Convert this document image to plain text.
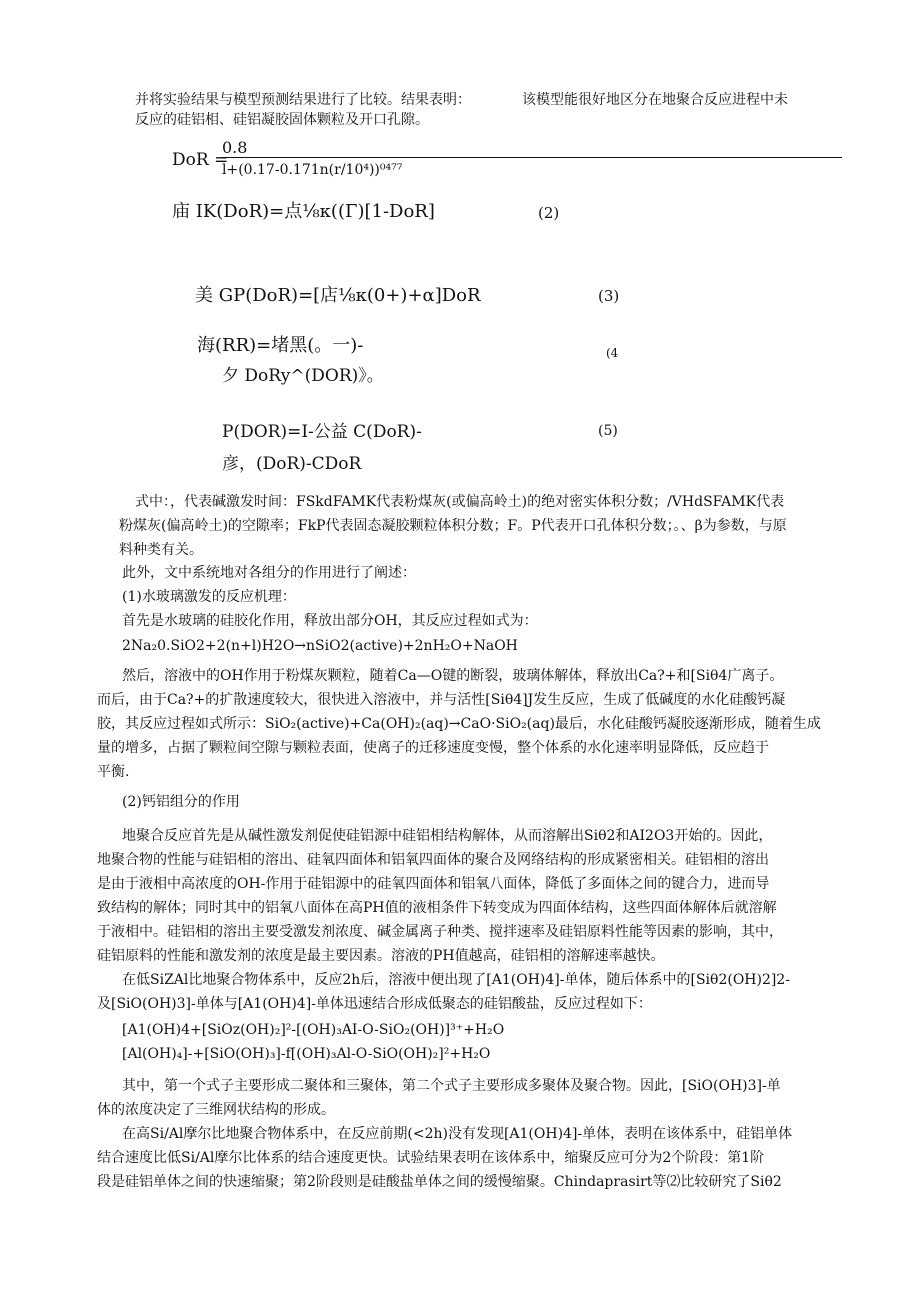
并将实验结果与模型预测结果进行了比较。结果表明：	该模型能很好地区分在地聚合反应进程中未

反应的硅铝相、硅铝凝胶固体颗粒及开口孔隙。

DoR =
0.8
l+(0.17-0.171n(r/10⁴))⁰⁴⁷⁷
庙 IK(DoR)=点⅛κ((Γ)[1-DoR]	(2)
美 GP(DoR)=[店⅛κ(0+)+α]DoR	(3)
海(RR)=堵黑(。一)-	(4
夕 DoRy^(DOR)》。
P(DOR)=I-公益 C(DoR)-	(5)
彦，(DoR)-CDoR

式中：，代表碱激发时间：FSkdFAMK代表粉煤灰(或偏高岭土)的绝对密实体积分数；/VHdSFAMK代表

粉煤灰(偏高岭土)的空隙率；FkP代表固态凝胶颗粒体积分数；F。P代表开口孔体积分数；。、β为参数，与原

料种类有关。

此外，文中系统地对各组分的作用进行了阐述：

(1)水玻璃激发的反应机理：

首先是水玻璃的硅胶化作用，释放出部分OH，其反应过程如式为：

2Na₂0.SiO2+2(n+l)H2O→nSiO2(active)+2nH₂O+NaOH

然后，溶液中的OH作用于粉煤灰颗粒，随着Ca—O键的断裂，玻璃体解体，释放出Ca?+和[Siθ4广离子。

而后，由于Ca?+的扩散速度较大，很快进入溶液中，并与活性[Siθ4]J发生反应，生成了低碱度的水化硅酸钙凝

胶，其反应过程如式所示：SiO₂(active)+Ca(OH)₂(aq)→CaO·SiO₂(aq)最后，水化硅酸钙凝胶逐渐形成，随着生成

量的增多，占据了颗粒间空隙与颗粒表面，使离子的迁移速度变慢，整个体系的水化速率明显降低，反应趋于

平衡.

(2)钙铝组分的作用

地聚合反应首先是从碱性激发剂促使硅铝源中硅铝相结构解体，从而溶解出Siθ2和AI2O3开始的。因此，

地聚合物的性能与硅铝相的溶出、硅氧四面体和铝氧四面体的聚合及网络结构的形成紧密相关。硅铝相的溶出

是由于液相中高浓度的OH-作用于硅铝源中的硅氧四面体和铝氧八面体，降低了多面体之间的键合力，进而导

致结构的解体；同时其中的铝氧八面体在高PH值的液相条件下转变成为四面体结构，这些四面体解体后就溶解

于液相中。硅铝相的溶出主要受激发剂浓度、碱金属离子种类、搅拌速率及硅铝原料性能等因素的影响，其中，

硅铝原料的性能和激发剂的浓度是最主要因素。溶液的PH值越高，硅铝相的溶解速率越快。

在低SiZAl比地聚合物体系中，反应2h后，溶液中便出现了[A1(OH)4]-单体，随后体系中的[Siθ2(OH)2]2-

及[SiO(OH)3]-单体与[A1(OH)4]-单体迅速结合形成低聚态的硅铝酸盐，反应过程如下：

[A1(OH)4+[SiOz(OH)₂]²-[(OH)₃AI-O-SiO₂(OH)]³⁺+H₂O

[Al(OH)₄]-+[SiO(OH)₃]-f[(OH)₃Al-O-SiO(OH)₂]²+H₂O

其中，第一个式子主要形成二聚体和三聚体，第二个式子主要形成多聚体及聚合物。因此，[SiO(OH)3]-单

体的浓度决定了三维网状结构的形成。

在高Si/Al摩尔比地聚合物体系中，在反应前期(<2h)没有发现[A1(OH)4]-单体，表明在该体系中，硅铝单体

结合速度比低Si/Al摩尔比体系的结合速度更快。试验结果表明在该体系中，缩聚反应可分为2个阶段：第1阶

段是硅铝单体之间的快速缩聚；第2阶段则是硅酸盐单体之间的缓慢缩聚。Chindaprasirt等⑵比较研究了Siθ2
